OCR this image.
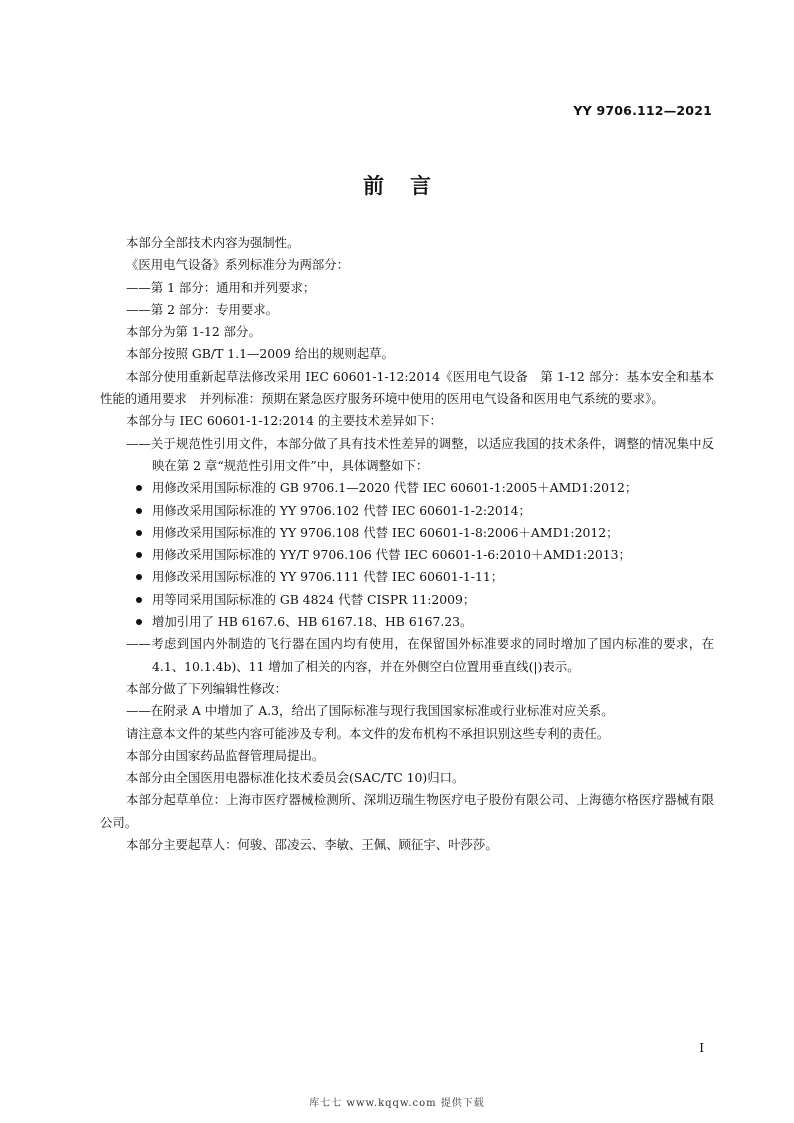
YY 9706.112—2021
前言

本部分全部技术内容为强制性。

《医用电气设备》系列标准分为两部分：

——第 1 部分：通用和并列要求；

——第 2 部分：专用要求。

本部分为第 1-12 部分。

本部分按照 GB/T 1.1—2009 给出的规则起草。

本部分使用重新起草法修改采用 IEC 60601-1-12:2014《医用电气设备　第 1-12 部分：基本安全和基本性能的通用要求　并列标准：预期在紧急医疗服务环境中使用的医用电气设备和医用电气系统的要求》。

本部分与 IEC 60601-1-12:2014 的主要技术差异如下：

——关于规范性引用文件，本部分做了具有技术性差异的调整，以适应我国的技术条件，调整的情况集中反映在第 2 章“规范性引用文件”中，具体调整如下：

用修改采用国际标准的 GB 9706.1—2020 代替 IEC 60601-1:2005＋AMD1:2012；

用修改采用国际标准的 YY 9706.102 代替 IEC 60601-1-2:2014；

用修改采用国际标准的 YY 9706.108 代替 IEC 60601-1-8:2006＋AMD1:2012；

用修改采用国际标准的 YY/T 9706.106 代替 IEC 60601-1-6:2010＋AMD1:2013；

用修改采用国际标准的 YY 9706.111 代替 IEC 60601-1-11；

用等同采用国际标准的 GB 4824 代替 CISPR 11:2009；

增加引用了 HB 6167.6、HB 6167.18、HB 6167.23。

——考虑到国内外制造的飞行器在国内均有使用，在保留国外标准要求的同时增加了国内标准的要求，在 4.1、10.1.4b)、11 增加了相关的内容，并在外侧空白位置用垂直线(|)表示。

本部分做了下列编辑性修改：

——在附录 A 中增加了 A.3，给出了国际标准与现行我国国家标准或行业标准对应关系。

请注意本文件的某些内容可能涉及专利。本文件的发布机构不承担识别这些专利的责任。

本部分由国家药品监督管理局提出。

本部分由全国医用电器标准化技术委员会(SAC/TC 10)归口。

本部分起草单位：上海市医疗器械检测所、深圳迈瑞生物医疗电子股份有限公司、上海德尔格医疗器械有限公司。

本部分主要起草人：何骏、邵凌云、李敏、王佩、顾征宇、叶莎莎。

I
库七七 www.kqqw.com 提供下载
